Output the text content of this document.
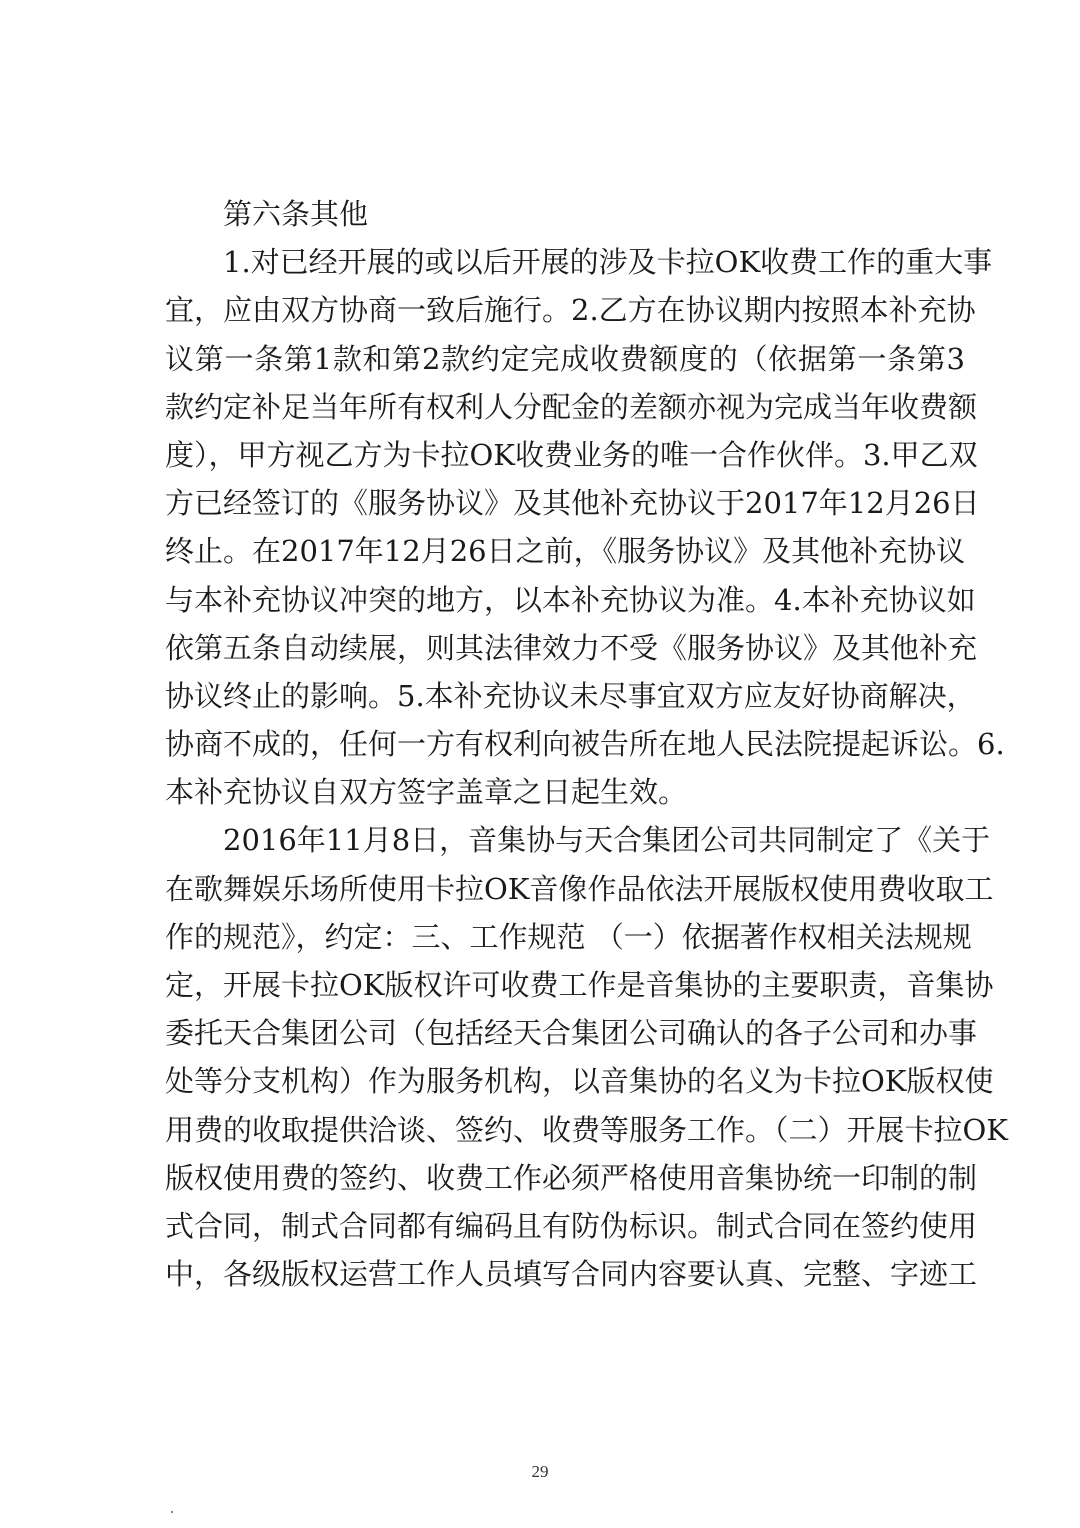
第六条其他
1.对已经开展的或以后开展的涉及卡拉OK收费工作的重大事
宜，应由双方协商一致后施行。2.乙方在协议期内按照本补充协
议第一条第1款和第2款约定完成收费额度的（依据第一条第3
款约定补足当年所有权利人分配金的差额亦视为完成当年收费额
度），甲方视乙方为卡拉OK收费业务的唯一合作伙伴。3.甲乙双
方已经签订的《服务协议》及其他补充协议于2017年12月26日
终止。在2017年12月26日之前，《服务协议》及其他补充协议
与本补充协议冲突的地方，以本补充协议为准。4.本补充协议如
依第五条自动续展，则其法律效力不受《服务协议》及其他补充
协议终止的影响。5.本补充协议未尽事宜双方应友好协商解决，
协商不成的，任何一方有权利向被告所在地人民法院提起诉讼。6.
本补充协议自双方签字盖章之日起生效。
2016年11月8日，音集协与天合集团公司共同制定了《关于
在歌舞娱乐场所使用卡拉OK音像作品依法开展版权使用费收取工
作的规范》，约定：三、工作规范 （一）依据著作权相关法规规
定，开展卡拉OK版权许可收费工作是音集协的主要职责，音集协
委托天合集团公司（包括经天合集团公司确认的各子公司和办事
处等分支机构）作为服务机构，以音集协的名义为卡拉OK版权使
用费的收取提供洽谈、签约、收费等服务工作。（二）开展卡拉OK
版权使用费的签约、收费工作必须严格使用音集协统一印制的制
式合同，制式合同都有编码且有防伪标识。制式合同在签约使用
中，各级版权运营工作人员填写合同内容要认真、完整、字迹工
29
